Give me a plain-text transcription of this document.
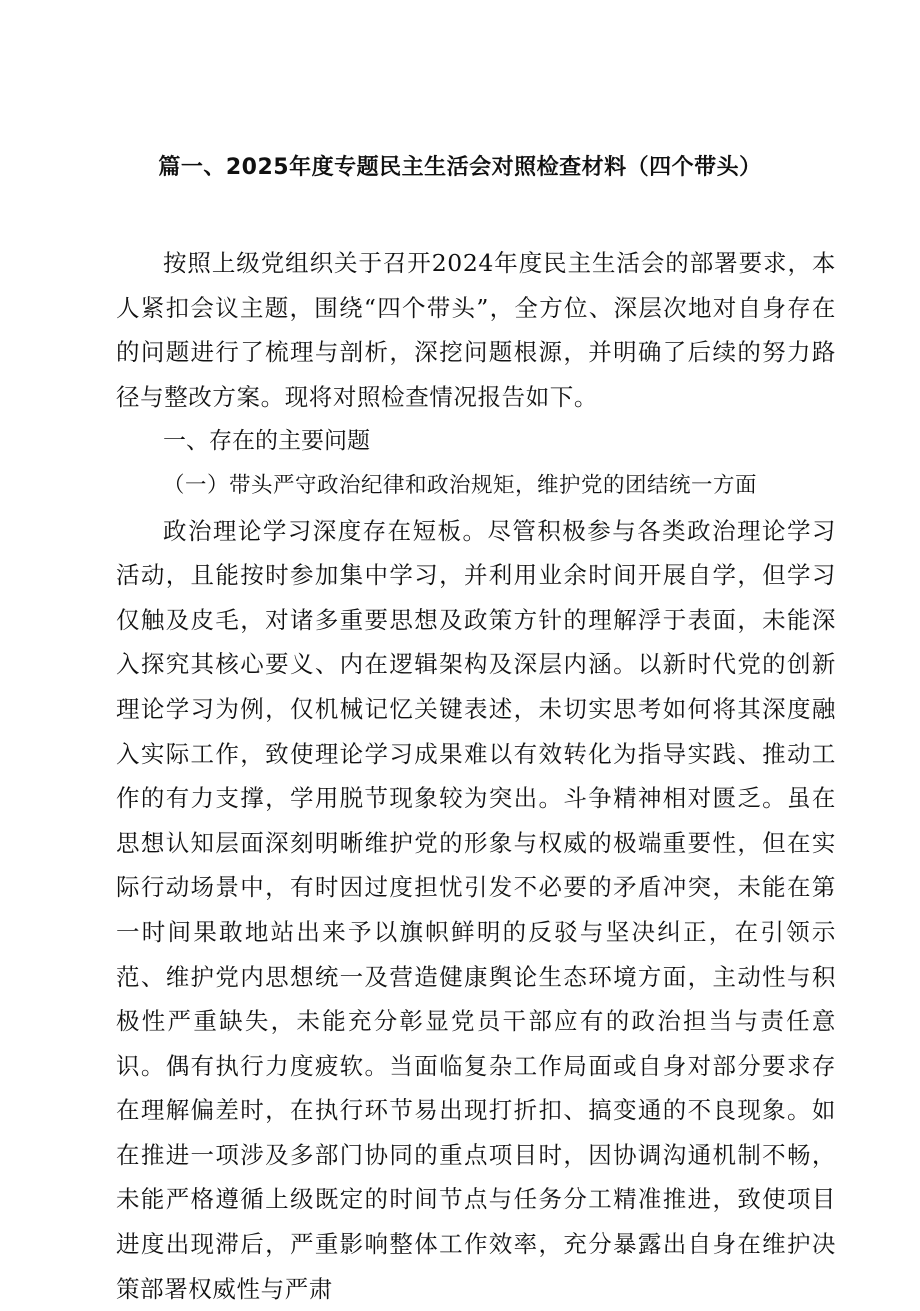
篇一、2025年度专题民主生活会对照检查材料（四个带头）

按照上级党组织关于召开2024年度民主生活会的部署要求，本人紧扣会议主题，围绕“四个带头”，全方位、深层次地对自身存在的问题进行了梳理与剖析，深挖问题根源，并明确了后续的努力路径与整改方案。现将对照检查情况报告如下。

一、存在的主要问题

（一）带头严守政治纪律和政治规矩，维护党的团结统一方面

政治理论学习深度存在短板。尽管积极参与各类政治理论学习活动，且能按时参加集中学习，并利用业余时间开展自学，但学习仅触及皮毛，对诸多重要思想及政策方针的理解浮于表面，未能深入探究其核心要义、内在逻辑架构及深层内涵。以新时代党的创新理论学习为例，仅机械记忆关键表述，未切实思考如何将其深度融入实际工作，致使理论学习成果难以有效转化为指导实践、推动工作的有力支撑，学用脱节现象较为突出。斗争精神相对匮乏。虽在思想认知层面深刻明晰维护党的形象与权威的极端重要性，但在实际行动场景中，有时因过度担忧引发不必要的矛盾冲突，未能在第一时间果敢地站出来予以旗帜鲜明的反驳与坚决纠正，在引领示范、维护党内思想统一及营造健康舆论生态环境方面，主动性与积极性严重缺失，未能充分彰显党员干部应有的政治担当与责任意识。偶有执行力度疲软。当面临复杂工作局面或自身对部分要求存在理解偏差时，在执行环节易出现打折扣、搞变通的不良现象。如在推进一项涉及多部门协同的重点项目时，因协调沟通机制不畅，未能严格遵循上级既定的时间节点与任务分工精准推进，致使项目进度出现滞后，严重影响整体工作效率，充分暴露出自身在维护决策部署权威性与严肃
